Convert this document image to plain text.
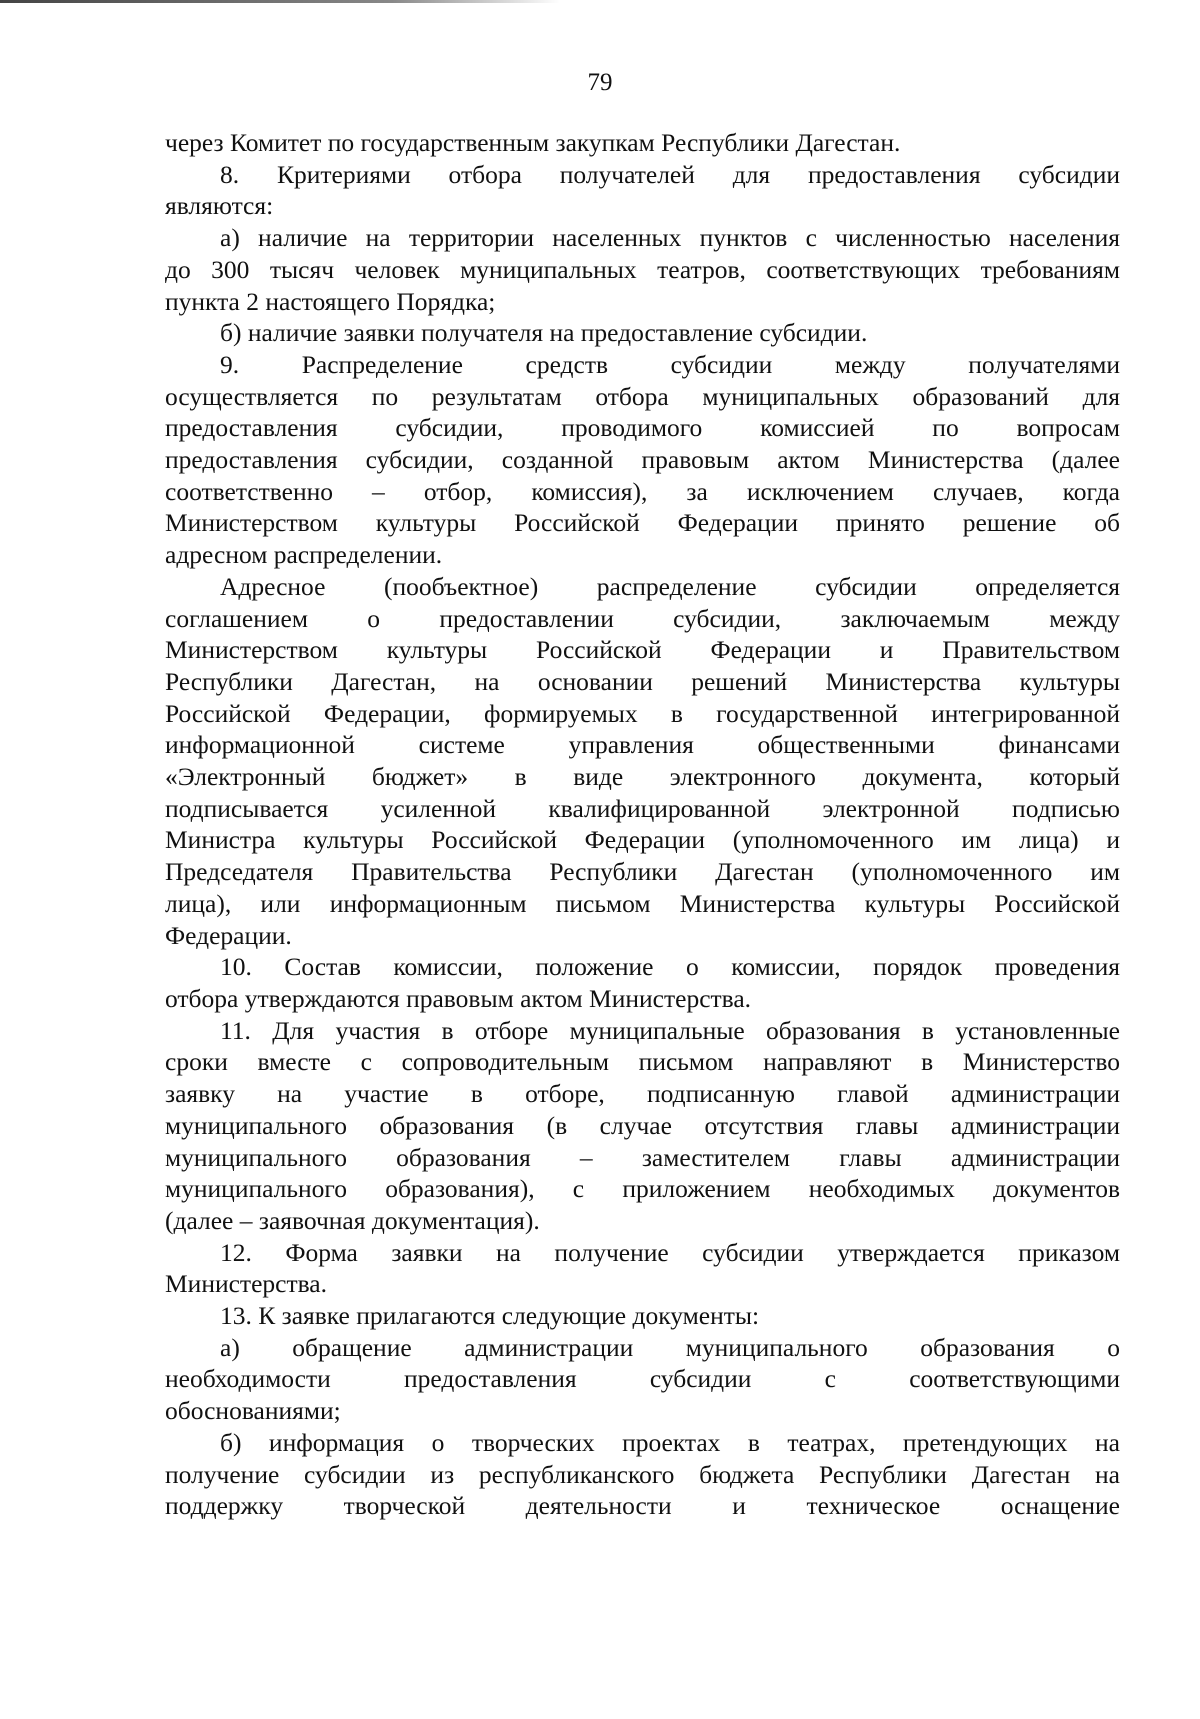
79

через Комитет по государственным закупкам Республики Дагестан.

8. Критериями отбора получателей для предоставления субсидии

являются:

а) наличие на территории населенных пунктов с численностью населения

до 300 тысяч человек муниципальных театров, соответствующих требованиям

пункта 2 настоящего Порядка;

б) наличие заявки получателя на предоставление субсидии.

9. Распределение средств субсидии между получателями

осуществляется по результатам отбора муниципальных образований для

предоставления субсидии, проводимого комиссией по вопросам

предоставления субсидии, созданной правовым актом Министерства (далее

соответственно – отбор, комиссия), за исключением случаев, когда

Министерством культуры Российской Федерации принято решение об

адресном распределении.

Адресное (пообъектное) распределение субсидии определяется

соглашением о предоставлении субсидии, заключаемым между

Министерством культуры Российской Федерации и Правительством

Республики Дагестан, на основании решений Министерства культуры

Российской Федерации, формируемых в государственной интегрированной

информационной системе управления общественными финансами

«Электронный бюджет» в виде электронного документа, который

подписывается усиленной квалифицированной электронной подписью

Министра культуры Российской Федерации (уполномоченного им лица) и

Председателя Правительства Республики Дагестан (уполномоченного им

лица), или информационным письмом Министерства культуры Российской

Федерации.

10. Состав комиссии, положение о комиссии, порядок проведения

отбора утверждаются правовым актом Министерства.

11. Для участия в отборе муниципальные образования в установленные

сроки вместе с сопроводительным письмом направляют в Министерство

заявку на участие в отборе, подписанную главой администрации

муниципального образования (в случае отсутствия главы администрации

муниципального образования – заместителем главы администрации

муниципального образования), с приложением необходимых документов

(далее – заявочная документация).

12. Форма заявки на получение субсидии утверждается приказом

Министерства.

13. К заявке прилагаются следующие документы:

а) обращение администрации муниципального образования о

необходимости предоставления субсидии с соответствующими

обоснованиями;

б) информация о творческих проектах в театрах, претендующих на

получение субсидии из республиканского бюджета Республики Дагестан на

поддержку творческой деятельности и техническое оснащение
